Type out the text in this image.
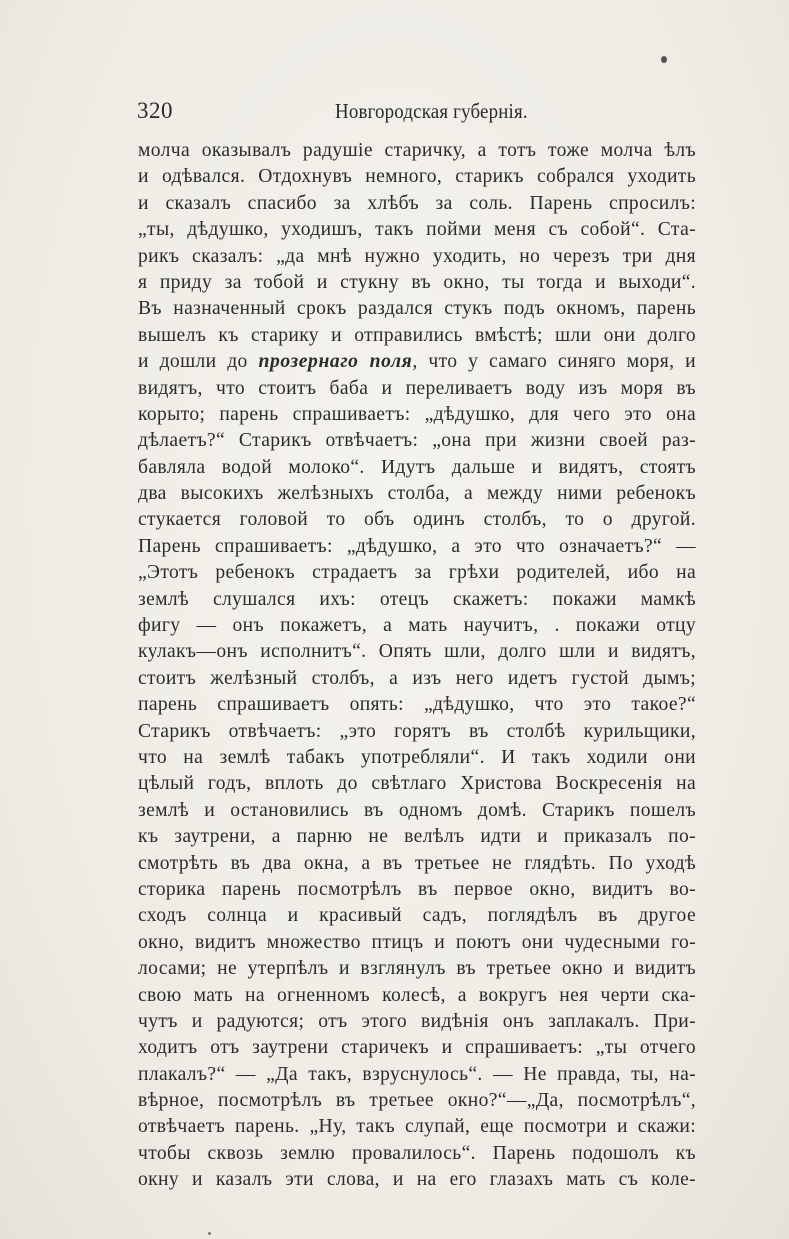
320	Новгородская губернія.
молча оказывалъ радушіе старичку, а тотъ тоже молча ѣлъ
и одѣвался. Отдохнувъ немного, старикъ собрался уходить
и сказалъ спасибо за хлѣбъ за соль. Парень спросилъ:
„ты, дѣдушко, уходишъ, такъ пойми меня съ собой“. Ста-
рикъ сказалъ: „да мнѣ нужно уходить, но черезъ три дня
я приду за тобой и стукну въ окно, ты тогда и выходи“.
Въ назначенный срокъ раздался стукъ подъ окномъ, парень
вышелъ къ старику и отправились вмѣстѣ; шли они долго
и дошли до прозернаго поля, что у самаго синяго моря, и
видятъ, что стоитъ баба и переливаетъ воду изъ моря въ
корыто; парень спрашиваетъ: „дѣдушко, для чего это она
дѣлаетъ?“ Старикъ отвѣчаетъ: „она при жизни своей раз-
бавляла водой молоко“. Идутъ дальше и видятъ, стоятъ
два высокихъ желѣзныхъ столба, а между ними ребенокъ
стукается головой то объ одинъ столбъ, то о другой.
Парень спрашиваетъ: „дѣдушко, а это что означаетъ?“ —
„Этотъ ребенокъ страдаетъ за грѣхи родителей, ибо на
землѣ слушался ихъ: отецъ скажетъ: покажи мамкѣ
фигу — онъ покажетъ, а мать научитъ, . покажи отцу
кулакъ—онъ исполнитъ“. Опять шли, долго шли и видятъ,
стоитъ желѣзный столбъ, а изъ него идетъ густой дымъ;
парень спрашиваетъ опять: „дѣдушко, что это такое?“
Старикъ отвѣчаетъ: „это горятъ въ столбѣ курильщики,
что на землѣ табакъ употребляли“. И такъ ходили они
цѣлый годъ, вплоть до свѣтлаго Христова Воскресенія на
землѣ и остановились въ одномъ домѣ. Старикъ пошелъ
къ заутрени, а парню не велѣлъ идти и приказалъ по-
смотрѣть въ два окна, а въ третьее не глядѣть. По уходѣ
сторика парень посмотрѣлъ въ первое окно, видитъ во-
сходъ солнца и красивый садъ, поглядѣлъ въ другое
окно, видитъ множество птицъ и поютъ они чудесными го-
лосами; не утерпѣлъ и взглянулъ въ третьее окно и видитъ
свою мать на огненномъ колесѣ, а вокругъ нея черти ска-
чутъ и радуются; отъ этого видѣнія онъ заплакалъ. При-
ходитъ отъ заутрени старичекъ и спрашиваетъ: „ты отчего
плакалъ?“ — „Да такъ, взруснулось“. — Не правда, ты, на-
вѣрное, посмотрѣлъ въ третьее окно?“—„Да, посмотрѣлъ“,
отвѣчаетъ парень. „Ну, такъ слупай, еще посмотри и скажи:
чтобы сквозь землю провалилось“. Парень подошолъ къ
окну и казалъ эти слова, и на его глазахъ мать съ коле-
